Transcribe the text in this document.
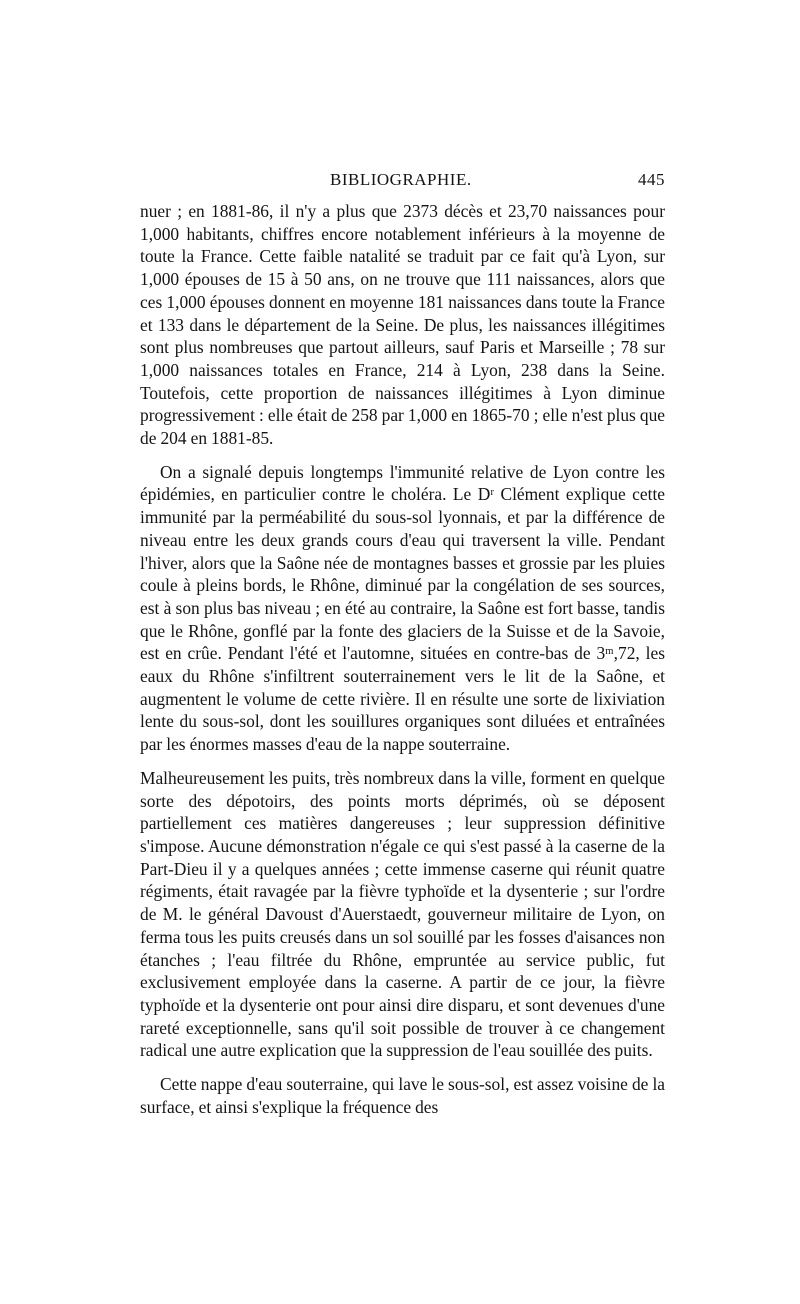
BIBLIOGRAPHIE.	445

nuer ; en 1881-86, il n'y a plus que 2373 décès et 23,70 naissances pour 1,000 habitants, chiffres encore notablement inférieurs à la moyenne de toute la France. Cette faible natalité se traduit par ce fait qu'à Lyon, sur 1,000 épouses de 15 à 50 ans, on ne trouve que 111 naissances, alors que ces 1,000 épouses donnent en moyenne 181 naissances dans toute la France et 133 dans le département de la Seine. De plus, les naissances illégitimes sont plus nombreuses que partout ailleurs, sauf Paris et Marseille ; 78 sur 1,000 naissances totales en France, 214 à Lyon, 238 dans la Seine. Toutefois, cette proportion de naissances illégitimes à Lyon diminue progressivement : elle était de 258 par 1,000 en 1865-70 ; elle n'est plus que de 204 en 1881-85.

On a signalé depuis longtemps l'immunité relative de Lyon contre les épidémies, en particulier contre le choléra. Le Dʳ Clément explique cette immunité par la perméabilité du sous-sol lyonnais, et par la différence de niveau entre les deux grands cours d'eau qui traversent la ville. Pendant l'hiver, alors que la Saône née de montagnes basses et grossie par les pluies coule à pleins bords, le Rhône, diminué par la congélation de ses sources, est à son plus bas niveau ; en été au contraire, la Saône est fort basse, tandis que le Rhône, gonflé par la fonte des glaciers de la Suisse et de la Savoie, est en crûe. Pendant l'été et l'automne, situées en contre-bas de 3ᵐ,72, les eaux du Rhône s'infiltrent souterrainement vers le lit de la Saône, et augmentent le volume de cette rivière. Il en résulte une sorte de lixiviation lente du sous-sol, dont les souillures organiques sont diluées et entraînées par les énormes masses d'eau de la nappe souterraine.

Malheureusement les puits, très nombreux dans la ville, forment en quelque sorte des dépotoirs, des points morts déprimés, où se déposent partiellement ces matières dangereuses ; leur suppression définitive s'impose. Aucune démonstration n'égale ce qui s'est passé à la caserne de la Part-Dieu il y a quelques années ; cette immense caserne qui réunit quatre régiments, était ravagée par la fièvre typhoïde et la dysenterie ; sur l'ordre de M. le général Davoust d'Auerstaedt, gouverneur militaire de Lyon, on ferma tous les puits creusés dans un sol souillé par les fosses d'aisances non étanches ; l'eau filtrée du Rhône, empruntée au service public, fut exclusivement employée dans la caserne. A partir de ce jour, la fièvre typhoïde et la dysenterie ont pour ainsi dire disparu, et sont devenues d'une rareté exceptionnelle, sans qu'il soit possible de trouver à ce changement radical une autre explication que la suppression de l'eau souillée des puits.

Cette nappe d'eau souterraine, qui lave le sous-sol, est assez voisine de la surface, et ainsi s'explique la fréquence des
